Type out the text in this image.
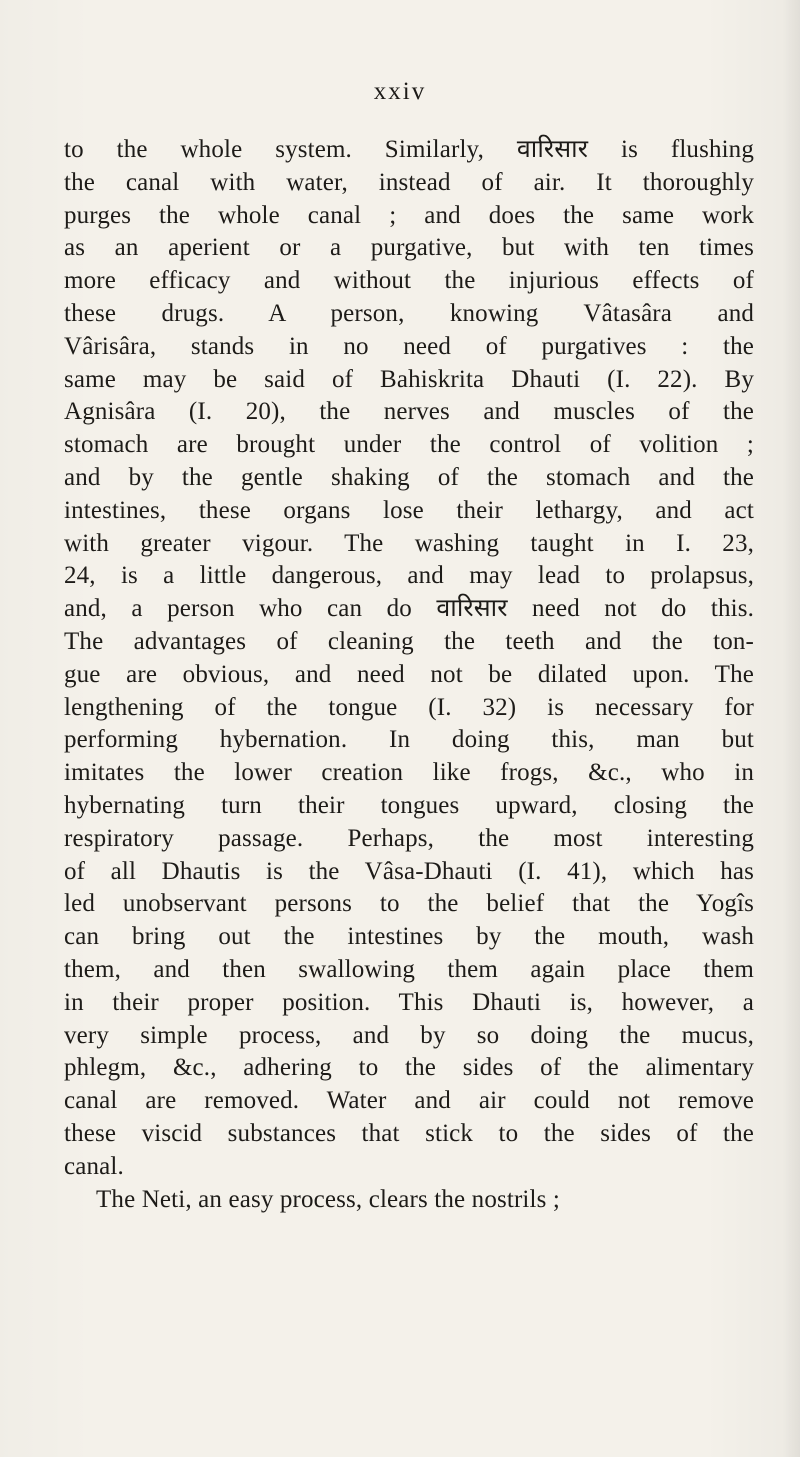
xxiv

to the whole system. Similarly, वारिसार is flushing
the canal with water, instead of air. It thoroughly
purges the whole canal ; and does the same work
as an aperient or a purgative, but with ten times
more efficacy and without the injurious effects of
these drugs. A person, knowing Vâtasâra and
Vârisâra, stands in no need of purgatives : the
same may be said of Bahiskrita Dhauti (I. 22). By
Agnisâra (I. 20), the nerves and muscles of the
stomach are brought under the control of volition ;
and by the gentle shaking of the stomach and the
intestines, these organs lose their lethargy, and act
with greater vigour. The washing taught in I. 23,
24, is a little dangerous, and may lead to prolapsus,
and, a person who can do वारिसार need not do this.
The advantages of cleaning the teeth and the ton-
gue are obvious, and need not be dilated upon. The
lengthening of the tongue (I. 32) is necessary for
performing hybernation. In doing this, man but
imitates the lower creation like frogs, &c., who in
hybernating turn their tongues upward, closing the
respiratory passage. Perhaps, the most interesting
of all Dhautis is the Vâsa-Dhauti (I. 41), which has
led unobservant persons to the belief that the Yogîs
can bring out the intestines by the mouth, wash
them, and then swallowing them again place them
in their proper position. This Dhauti is, however, a
very simple process, and by so doing the mucus,
phlegm, &c., adhering to the sides of the alimentary
canal are removed. Water and air could not remove
these viscid substances that stick to the sides of the
canal.

The Neti, an easy process, clears the nostrils ;
